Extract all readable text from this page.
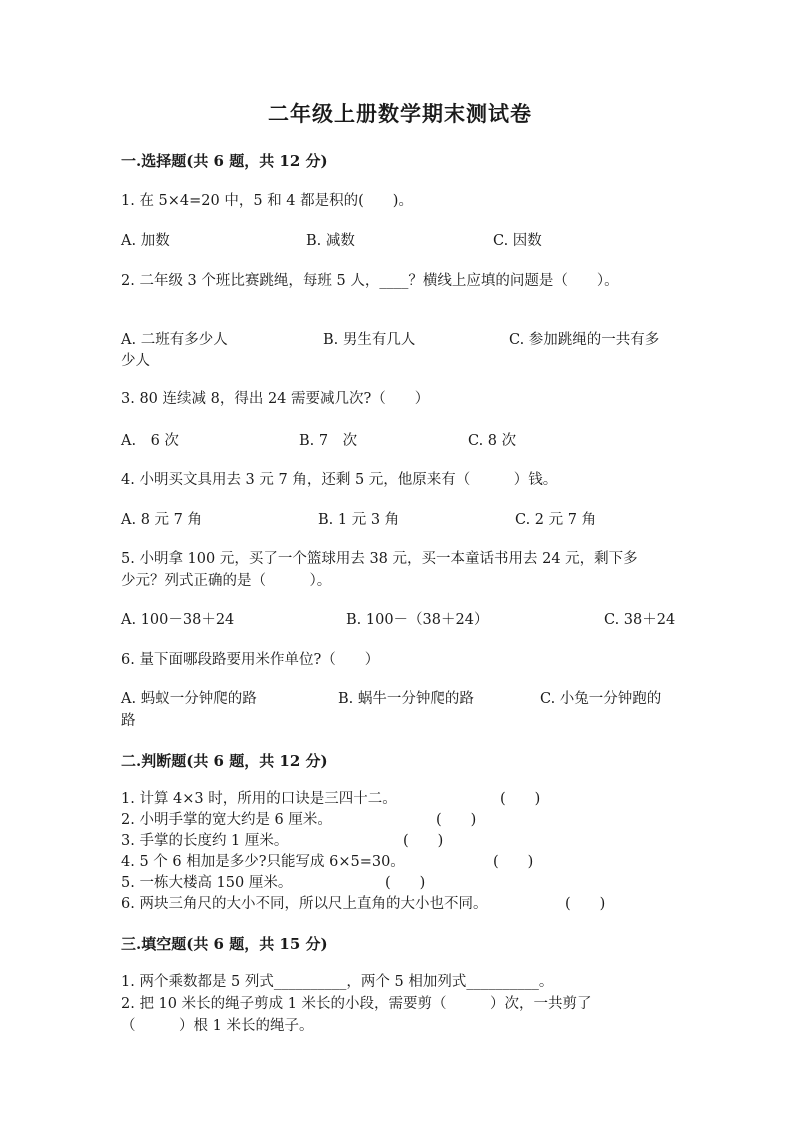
二年级上册数学期末测试卷
一.选择题(共 6 题，共 12 分)
1. 在 5×4=20 中，5 和 4 都是积的(　　)。
A. 加数	B. 减数	C. 因数
2. 二年级 3 个班比赛跳绳，每班 5 人，____？横线上应填的问题是（　　）。
A. 二班有多少人	B. 男生有几人	C. 参加跳绳的一共有多
少人
3. 80 连续减 8，得出 24 需要减几次?（　　）
A.　6 次	B. 7　次	C. 8 次
4. 小明买文具用去 3 元 7 角，还剩 5 元，他原来有（　　　）钱。
A. 8 元 7 角	B. 1 元 3 角	C. 2 元 7 角
5. 小明拿 100 元，买了一个篮球用去 38 元，买一本童话书用去 24 元，剩下多
少元？列式正确的是（　　　）。
A. 100－38＋24	B. 100－（38＋24）	C. 38＋24
6. 量下面哪段路要用米作单位?（　　）
A. 蚂蚁一分钟爬的路	B. 蜗牛一分钟爬的路	C. 小兔一分钟跑的
路
二.判断题(共 6 题，共 12 分)
1. 计算 4×3 时，所用的口诀是三四十二。	(　　)
2. 小明手掌的宽大约是 6 厘米。	(　　)
3. 手掌的长度约 1 厘米。	(　　)
4. 5 个 6 相加是多少?只能写成 6×5=30。	(　　)
5. 一栋大楼高 150 厘米。	(　　)
6. 两块三角尺的大小不同，所以尺上直角的大小也不同。	(　　)
三.填空题(共 6 题，共 15 分)
1. 两个乘数都是 5 列式__________，两个 5 相加列式__________。
2. 把 10 米长的绳子剪成 1 米长的小段，需要剪（　　　）次，一共剪了
（　　　）根 1 米长的绳子。
